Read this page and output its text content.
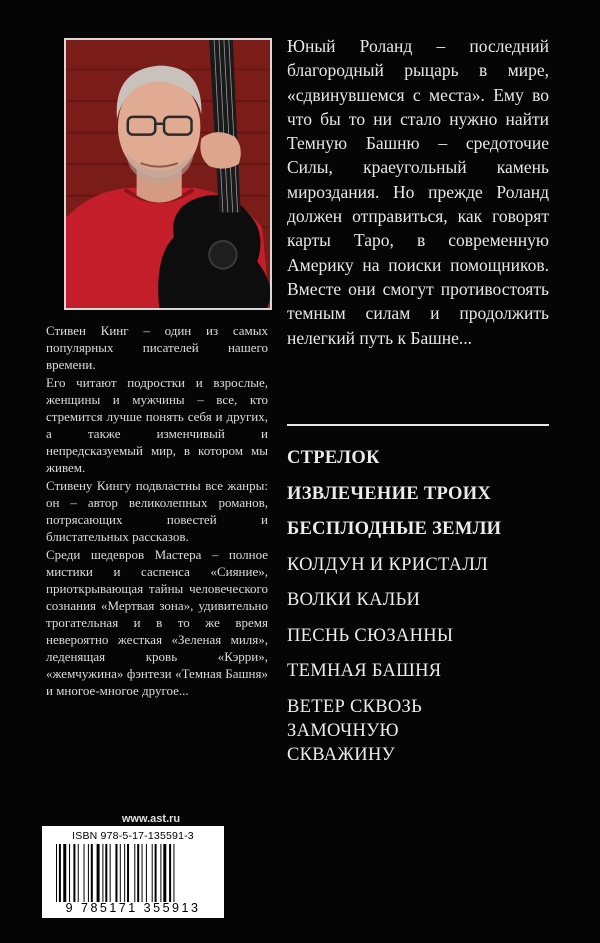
Стивен Кинг – один из самых популярных писателей нашего времени.

Его читают подростки и взрослые, женщины и мужчины – все, кто стремится лучше понять себя и других, а также изменчивый и непредсказуемый мир, в котором мы живем.

Стивену Кингу подвластны все жанры: он – автор великолепных романов, потрясающих повестей и блистательных рассказов.

Среди шедевров Мастера – полное мистики и саспенса «Сияние», приоткрывающая тайны человеческого сознания «Мертвая зона», удивительно трогательная и в то же время невероятно жесткая «Зеленая миля», леденящая кровь «Кэрри», «жемчужина» фэнтези «Темная Башня» и многое-многое другое...

Юный Роланд – последний благородный рыцарь в мире, «сдвинувшемся с места». Ему во что бы то ни стало нужно найти Темную Башню – средоточие Силы, краеугольный камень мироздания. Но прежде Роланд должен отправиться, как говорят карты Таро, в современную Америку на поиски помощников. Вместе они смогут противостоять темным силам и продолжить нелегкий путь к Башне...
СТРЕЛОК
ИЗВЛЕЧЕНИЕ ТРОИХ
БЕСПЛОДНЫЕ ЗЕМЛИ
КОЛДУН И КРИСТАЛЛ
ВОЛКИ КАЛЬИ
ПЕСНЬ СЮЗАННЫ
ТЕМНАЯ БАШНЯ
ВЕТЕР СКВОЗЬ ЗАМОЧНУЮ СКВАЖИНУ
www.ast.ru
ISBN 978-5-17-135591-3
9 785171 355913
